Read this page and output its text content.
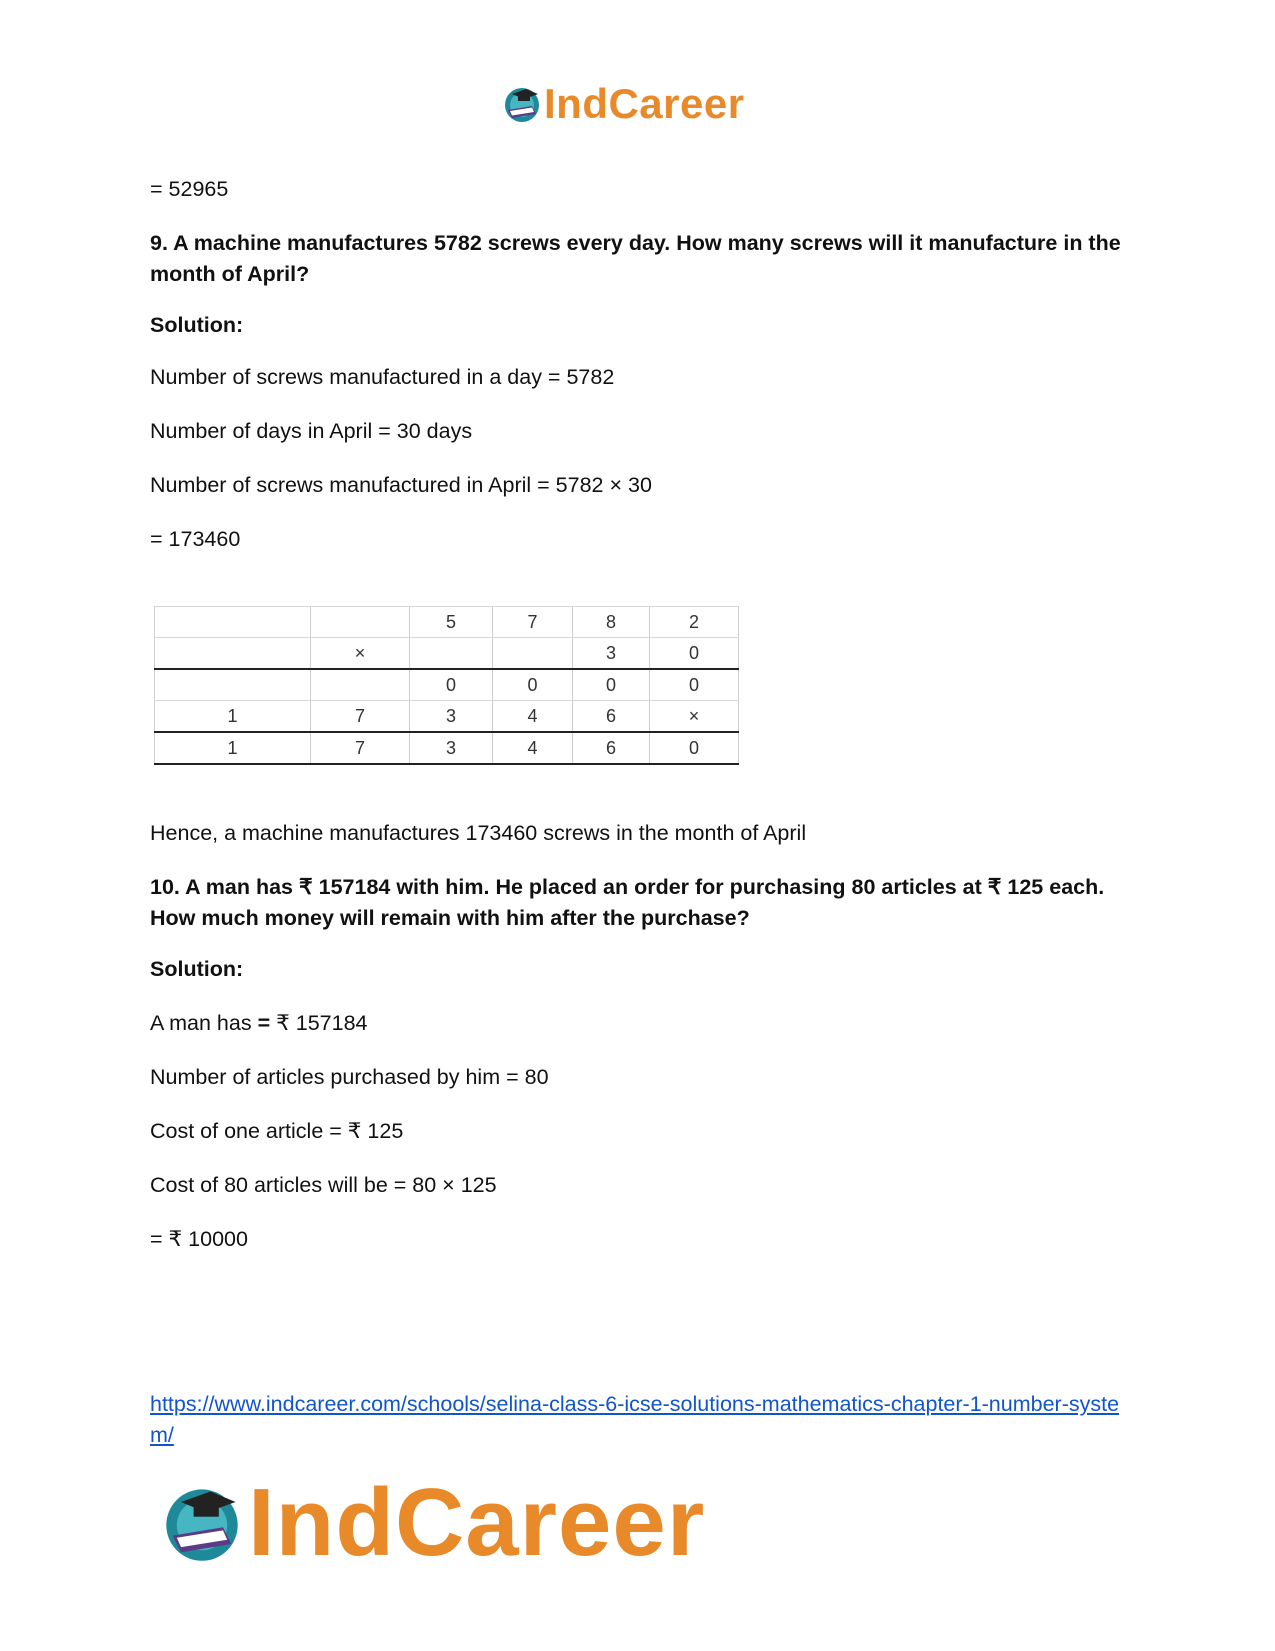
IndCareer
= 52965
9. A machine manufactures 5782 screws every day. How many screws will it manufacture in the month of April?
Solution:
Number of screws manufactured in a day = 5782
Number of days in April = 30 days
Number of screws manufactured in April = 5782 × 30
= 173460
		5	7	8	2
	×			3	0
		0	0	0	0
1	7	3	4	6	×
1	7	3	4	6	0
Hence, a machine manufactures 173460 screws in the month of April
10. A man has ₹ 157184 with him. He placed an order for purchasing 80 articles at ₹ 125 each. How much money will remain with him after the purchase?
Solution:
A man has = ₹ 157184
Number of articles purchased by him = 80
Cost of one article = ₹ 125
Cost of 80 articles will be = 80 × 125
= ₹ 10000
https://www.indcareer.com/schools/selina-class-6-icse-solutions-mathematics-chapter-1-number-system/
IndCareer
